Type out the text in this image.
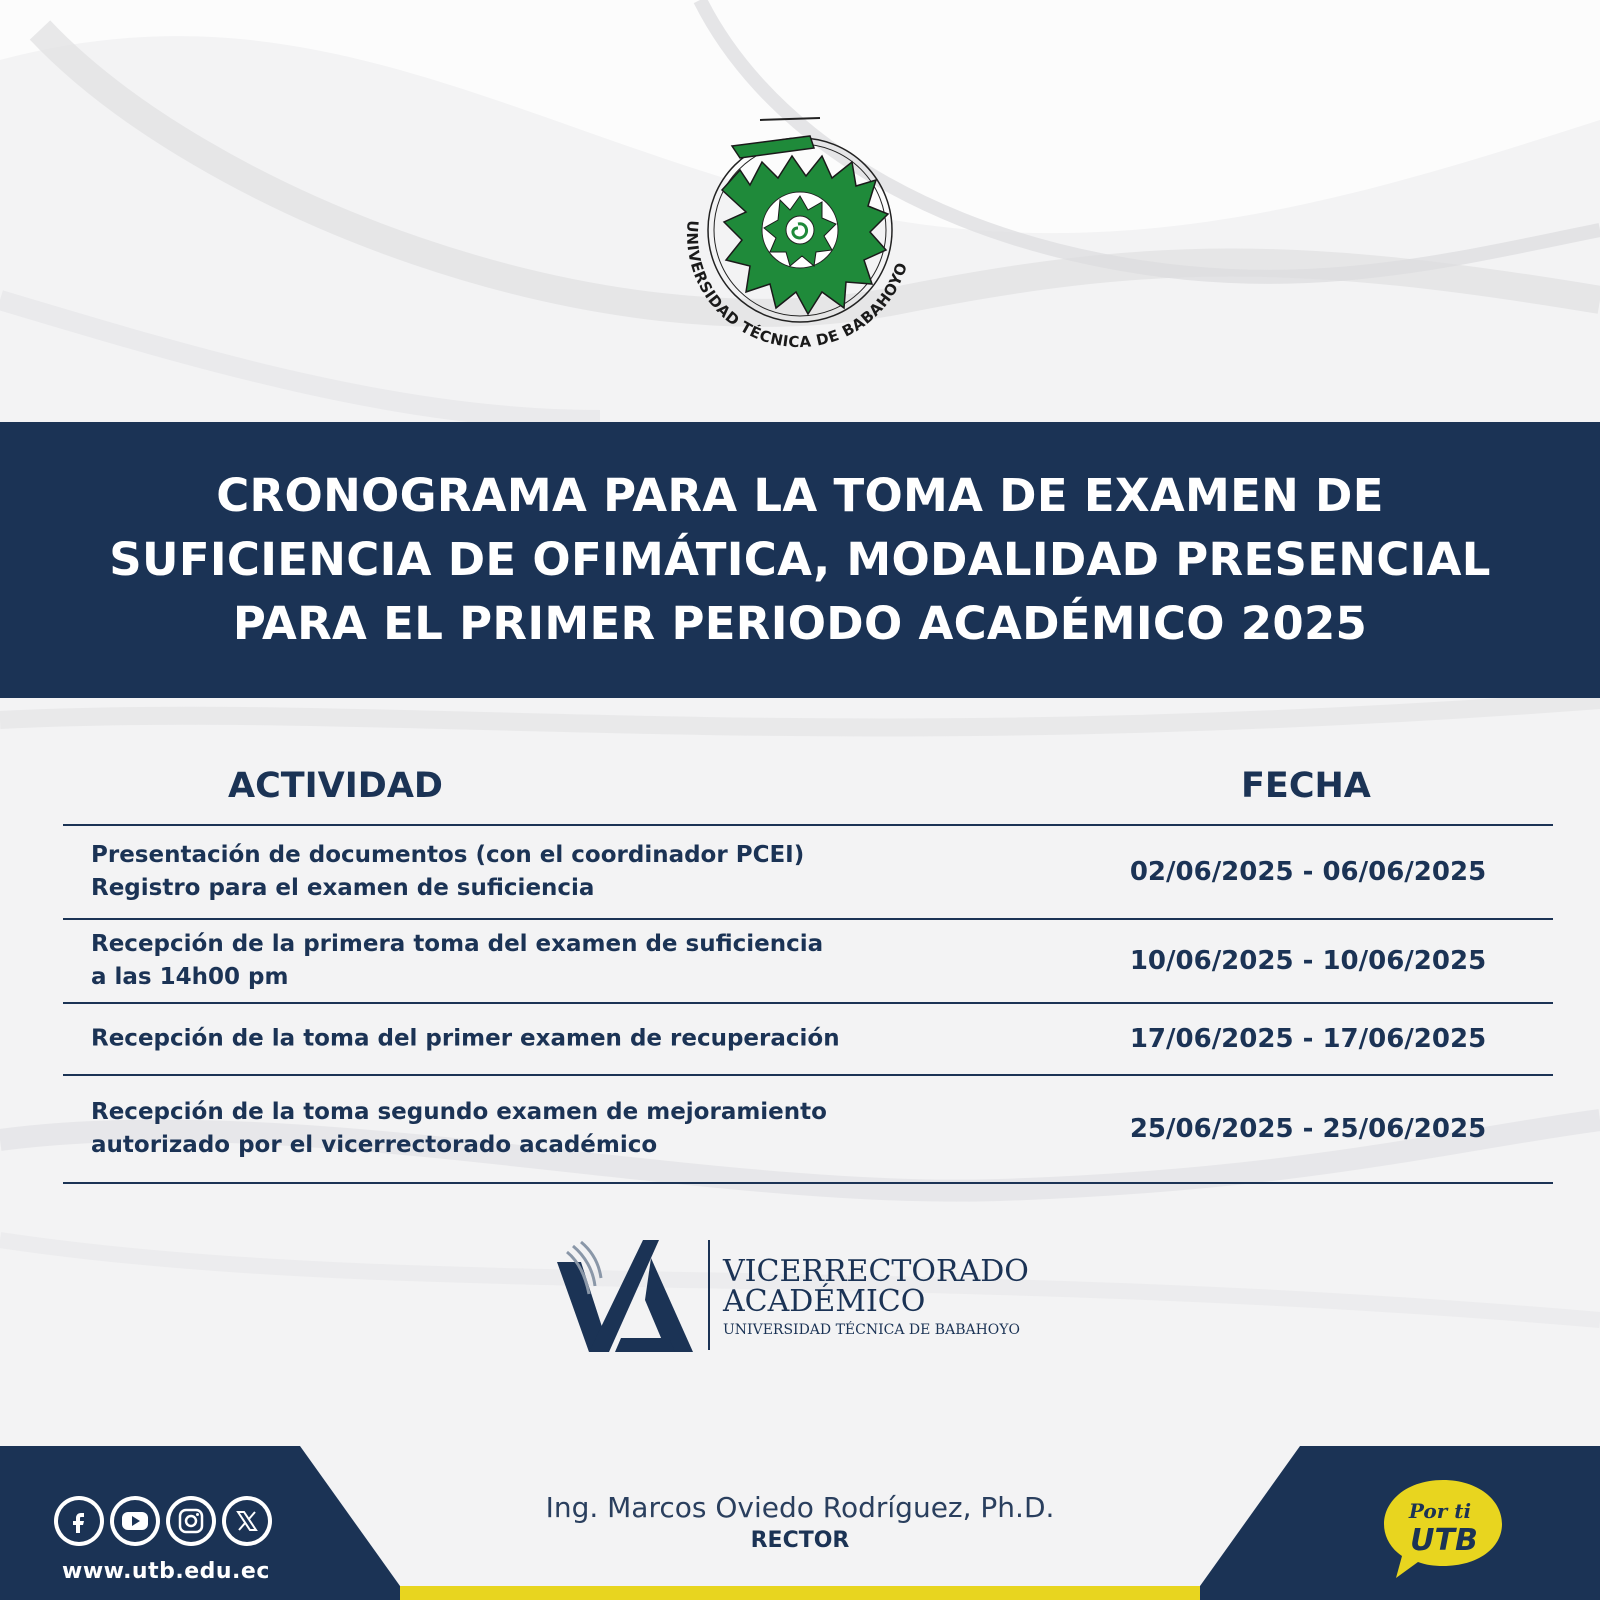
UNIVERSIDAD TÉCNICA DE BABAHOYO
CRONOGRAMA PARA LA TOMA DE EXAMEN DE
SUFICIENCIA DE OFIMÁTICA, MODALIDAD PRESENCIAL
PARA EL PRIMER PERIODO ACADÉMICO 2025
ACTIVIDAD	FECHA
Presentación de documentos (con el coordinador PCEI)
Registro para el examen de suficiencia
02/06/2025 - 06/06/2025
Recepción de la primera toma del examen de suficiencia
a las 14h00 pm
10/06/2025 - 10/06/2025
Recepción de la toma del primer examen de recuperación	17/06/2025 - 17/06/2025
Recepción de la toma segundo examen de mejoramiento
autorizado por el vicerrectorado académico
25/06/2025 - 25/06/2025
VICERRECTORADO
ACADÉMICO
UNIVERSIDAD TÉCNICA DE BABAHOYO
www.utb.edu.ec
Ing. Marcos Oviedo Rodríguez, Ph.D.
RECTOR
Por ti
UTB
